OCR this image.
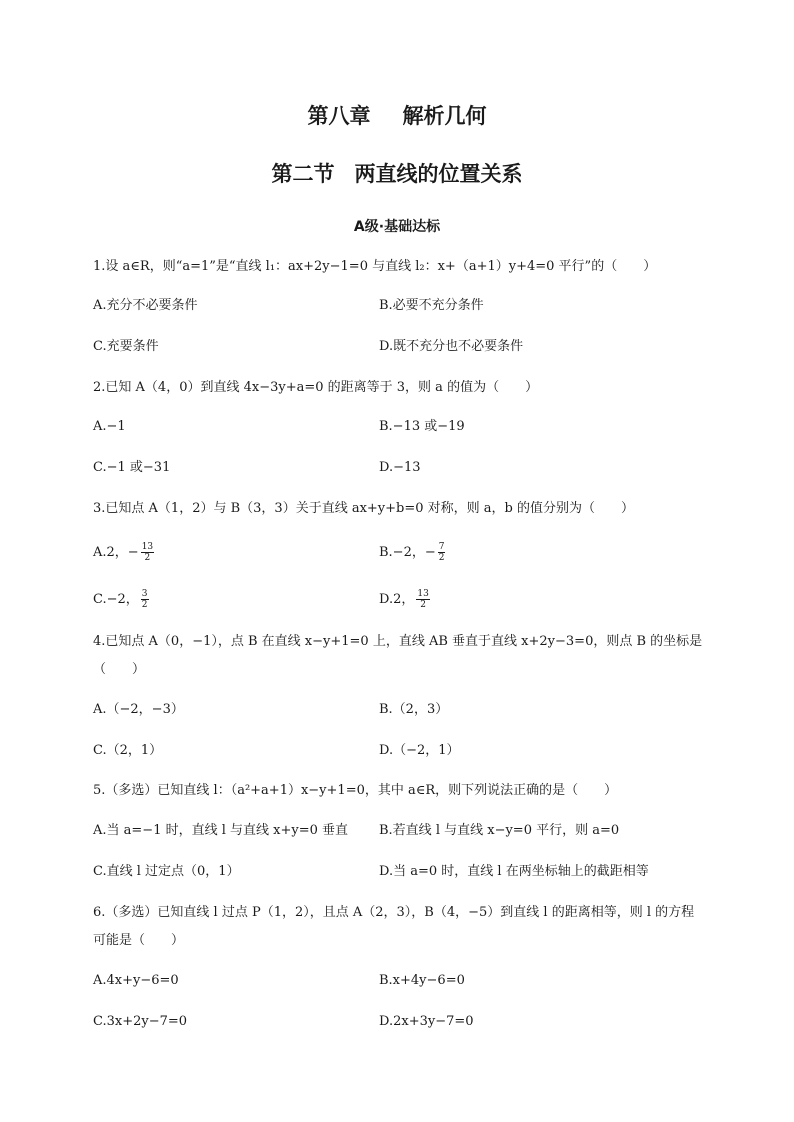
第八章 解析几何
第二节 两直线的位置关系
A级·基础达标
1.设 a∈R，则“a=1”是“直线 l₁：ax+2y−1=0 与直线 l₂：x+（a+1）y+4=0 平行”的（　　）
A.充分不必要条件	B.必要不充分条件
C.充要条件	D.既不充分也不必要条件
2.已知 A（4，0）到直线 4x−3y+a=0 的距离等于 3，则 a 的值为（　　）
A.−1	B.−13 或−19
C.−1 或−31	D.−13
3.已知点 A（1，2）与 B（3，3）关于直线 ax+y+b=0 对称，则 a，b 的值分别为（　　）
A.2，− $\frac{13}{2}$	B.−2，− $\frac{7}{2}$
C.−2， $\frac{3}{2}$	D.2， $\frac{13}{2}$
4.已知点 A（0，−1），点 B 在直线 x−y+1=0 上，直线 AB 垂直于直线 x+2y−3=0，则点 B 的坐标是（　　）
A.（−2，−3）	B.（2，3）
C.（2，1）	D.（−2，1）
5.（多选）已知直线 l：（a²+a+1）x−y+1=0，其中 a∈R，则下列说法正确的是（　　）
A.当 a=−1 时，直线 l 与直线 x+y=0 垂直 B.若直线 l 与直线 x−y=0 平行，则 a=0
C.直线 l 过定点（0，1）	D.当 a=0 时，直线 l 在两坐标轴上的截距相等
6.（多选）已知直线 l 过点 P（1，2），且点 A（2，3），B（4，−5）到直线 l 的距离相等，则 l 的方程可能是（　　）
A.4x+y−6=0	B.x+4y−6=0
C.3x+2y−7=0	D.2x+3y−7=0
